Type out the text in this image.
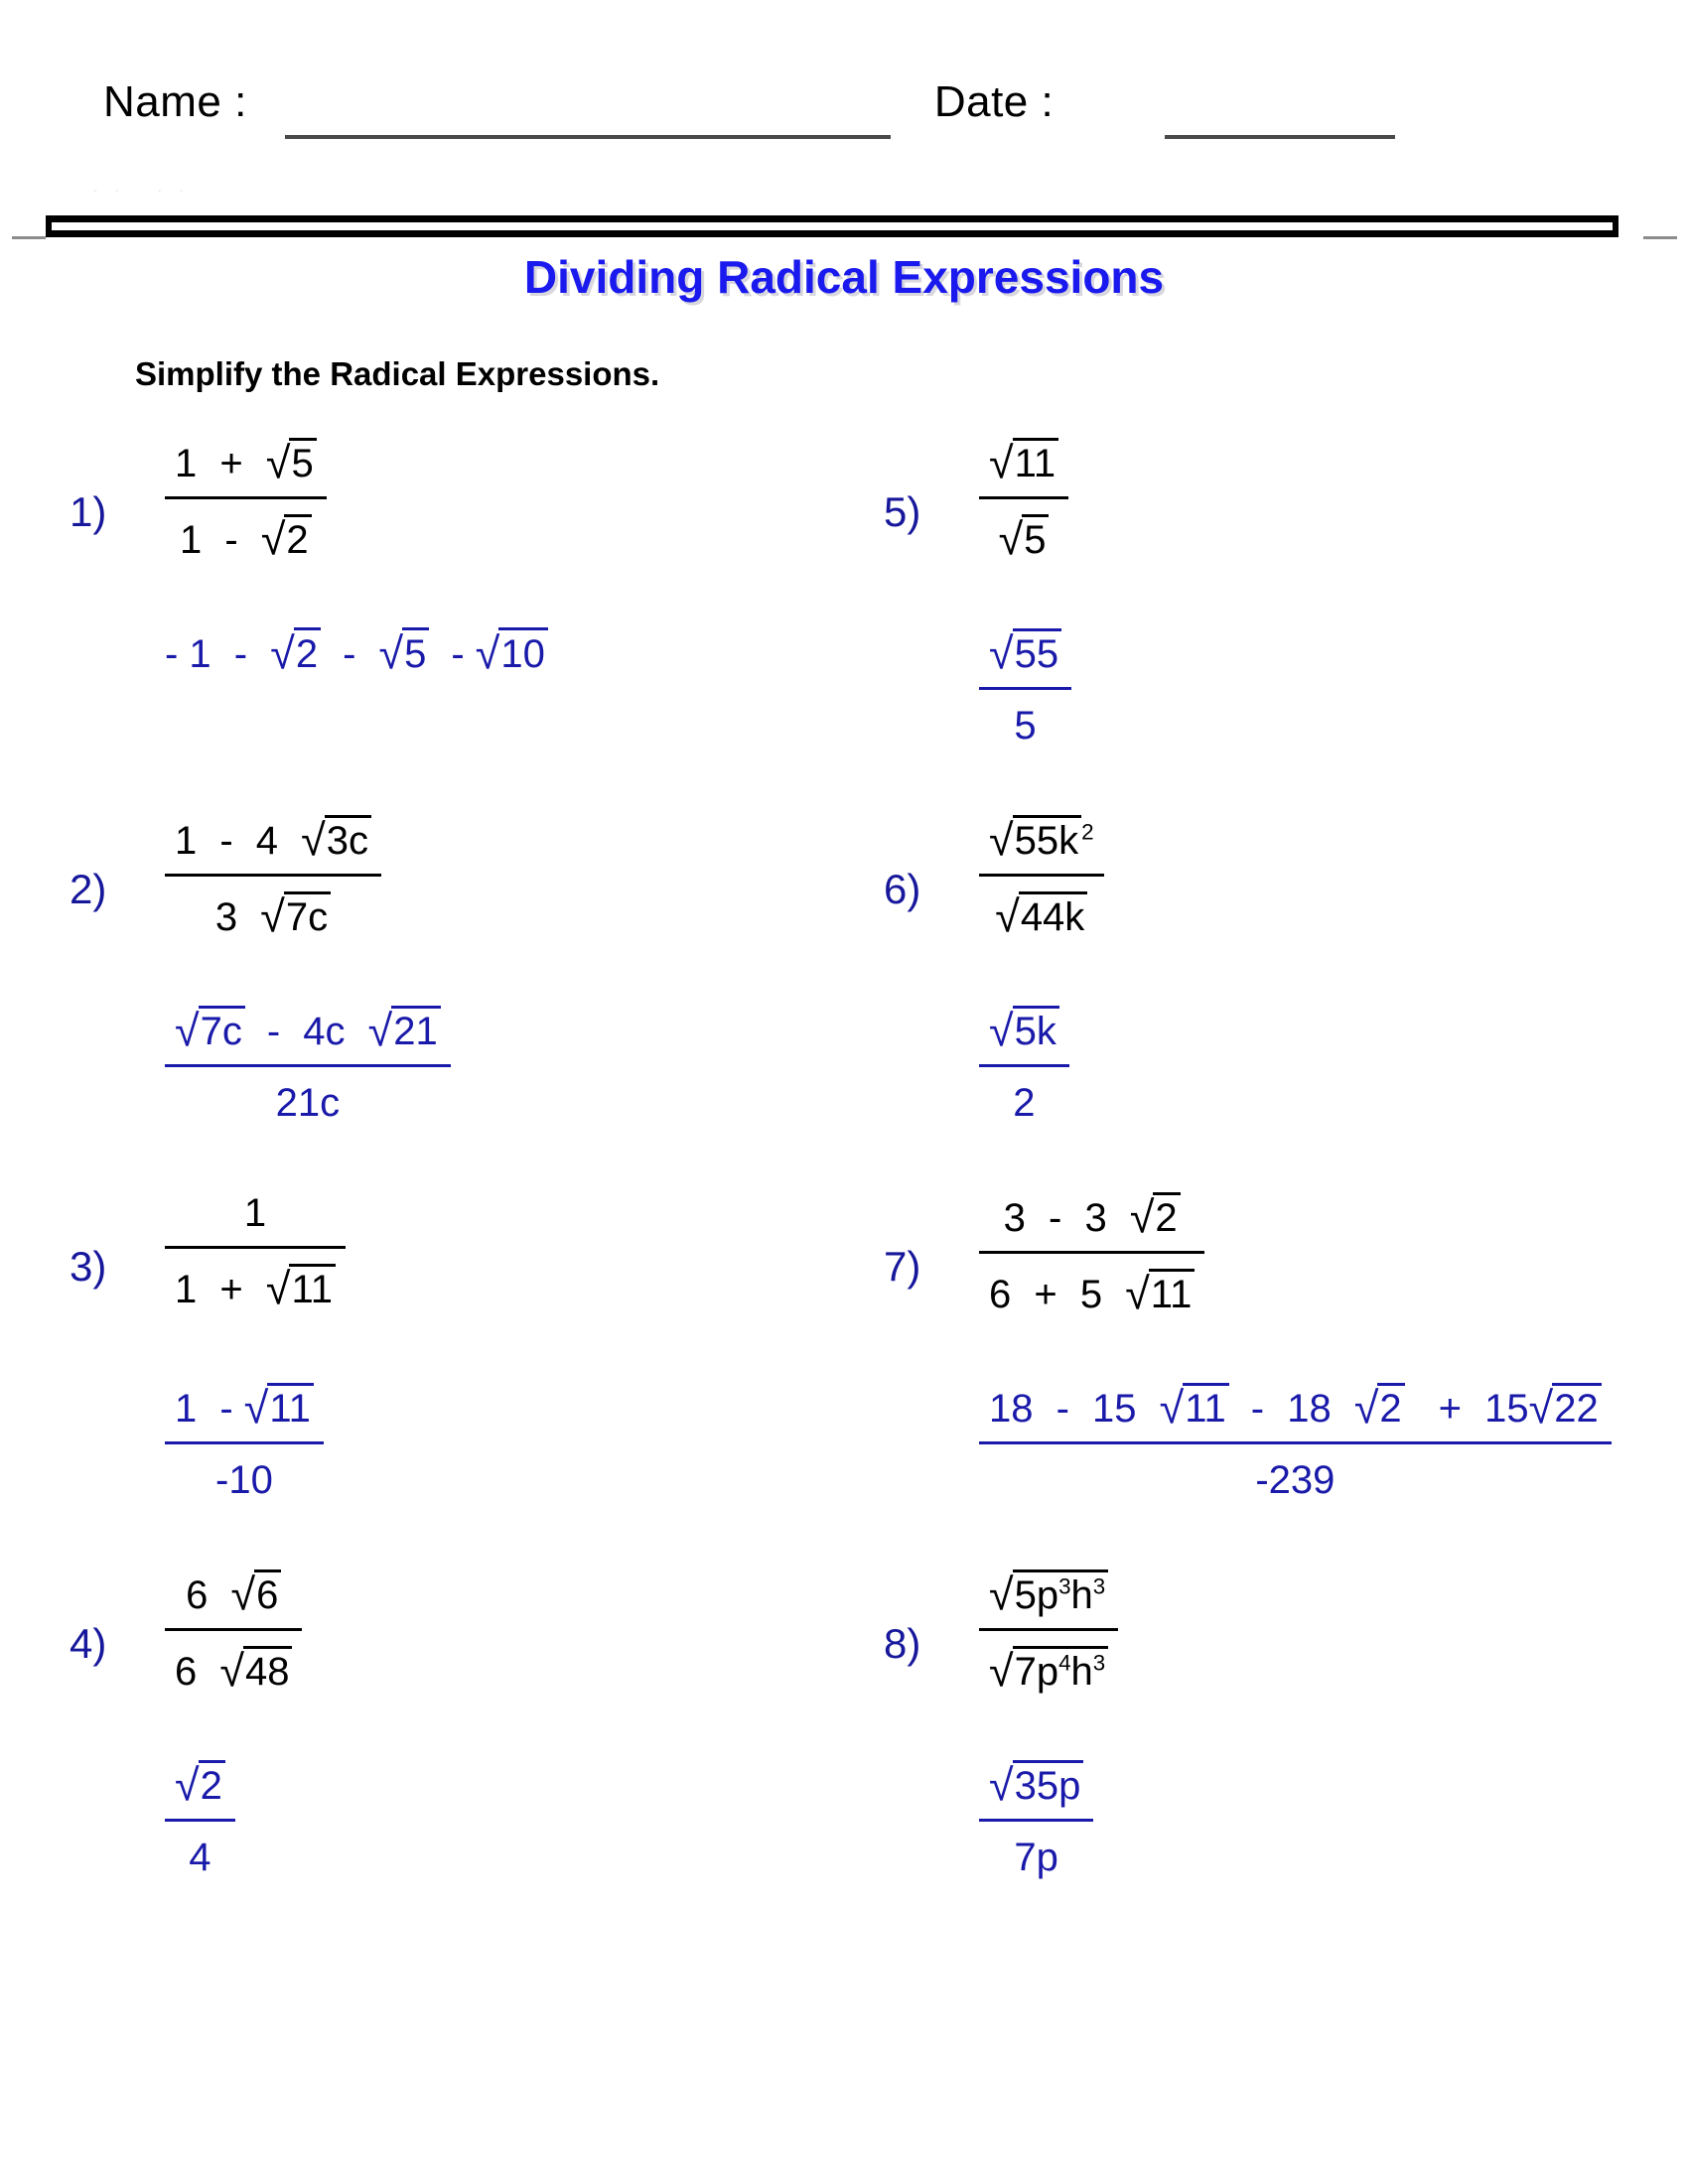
Name :	Date :
·· ··
Dividing Radical Expressions
Simplify the Radical Expressions.
$1) \frac{1 + √5}{1 - √2}$
- 1 - √2 - √5 - √10
$5) \frac{√11}{√5}$
$\frac{√55}{5}$
$2) \frac{1 - 4 √3c}{3 √7c}$
$\frac{√7c - 4c √21}{21c}$
$6) \frac{√55k ^2}{√44k}$
$\frac{√5k}{2}$
$3) \frac{1}{1 + √11}$
$\frac{1 - √11}{-10}$
$7) \frac{3 - 3 √2}{6 + 5 √11}$
$\frac{18 - 15 √11 - 18 √2 + 15√22}{-239}$
$4) \frac{6 √6}{6 √48}$
$\frac{√2}{4}$
$8) \frac{√5p^3h^3}{√7p^4h^3}$
$\frac{√35p}{7p}$
